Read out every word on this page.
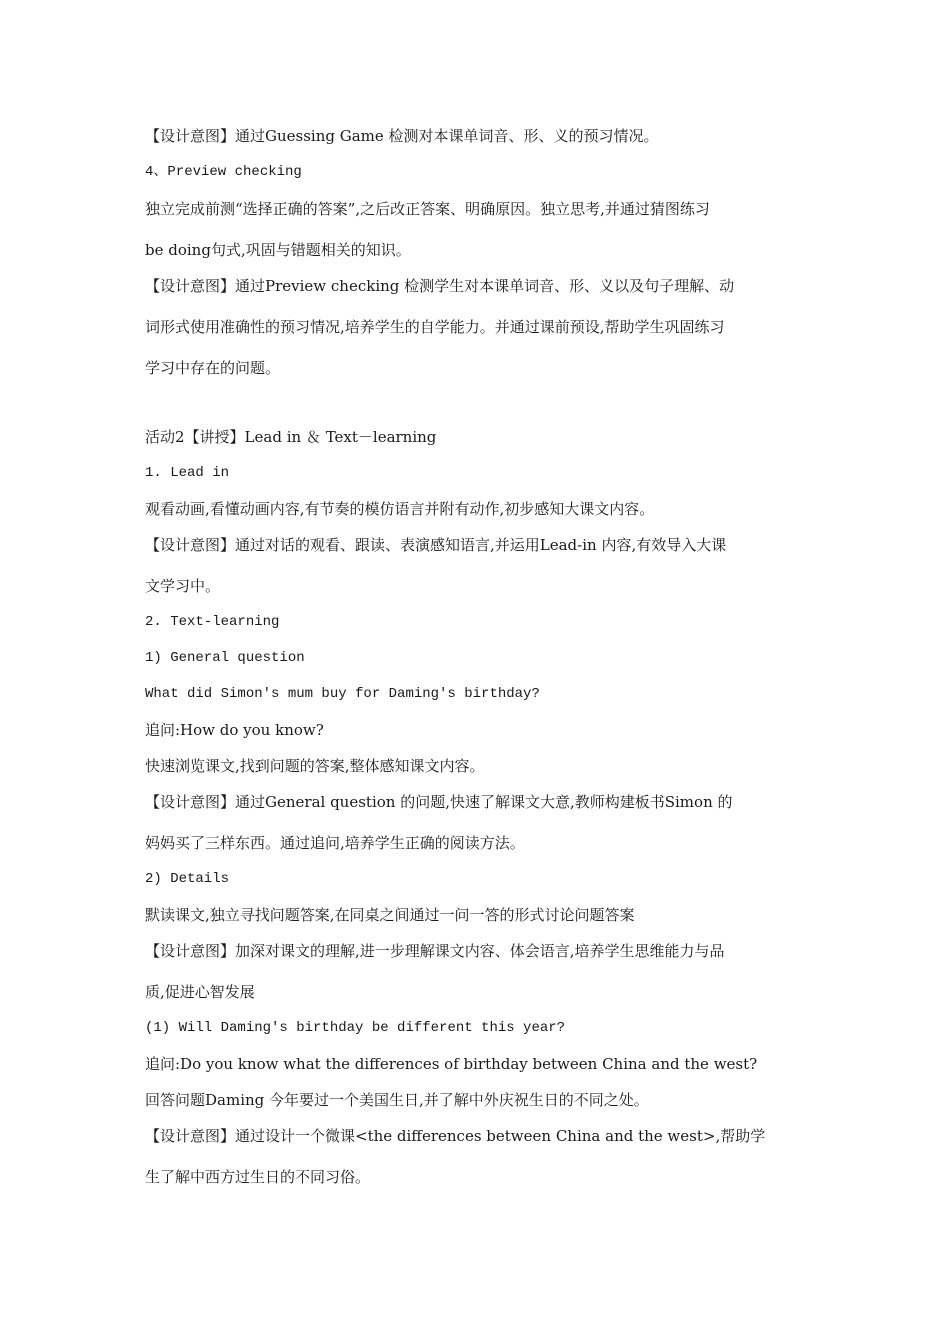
【设计意图】通过Guessing Game 检测对本课单词音、形、义的预习情况。
4、Preview checking
独立完成前测“选择正确的答案”,之后改正答案、明确原因。独立思考,并通过猜图练习
be doing句式,巩固与错题相关的知识。
【设计意图】通过Preview checking 检测学生对本课单词音、形、义以及句子理解、动
词形式使用准确性的预习情况,培养学生的自学能力。并通过课前预设,帮助学生巩固练习
学习中存在的问题。
活动2【讲授】Lead in ＆ Text－learning
1. Lead in
观看动画,看懂动画内容,有节奏的模仿语言并附有动作,初步感知大课文内容。
【设计意图】通过对话的观看、跟读、表演感知语言,并运用Lead-in 内容,有效导入大课
文学习中。
2. Text-learning
1) General question
What did Simon's mum buy for Daming's birthday?
追问:How do you know?
快速浏览课文,找到问题的答案,整体感知课文内容。
【设计意图】通过General question 的问题,快速了解课文大意,教师构建板书Simon 的
妈妈买了三样东西。通过追问,培养学生正确的阅读方法。
2) Details
默读课文,独立寻找问题答案,在同桌之间通过一问一答的形式讨论问题答案
【设计意图】加深对课文的理解,进一步理解课文内容、体会语言,培养学生思维能力与品
质,促进心智发展
(1) Will Daming's birthday be different this year?
追问:Do you know what the differences of birthday between China and the west?
回答问题Daming 今年要过一个美国生日,并了解中外庆祝生日的不同之处。
【设计意图】通过设计一个微课<the differences between China and the west>,帮助学
生了解中西方过生日的不同习俗。
